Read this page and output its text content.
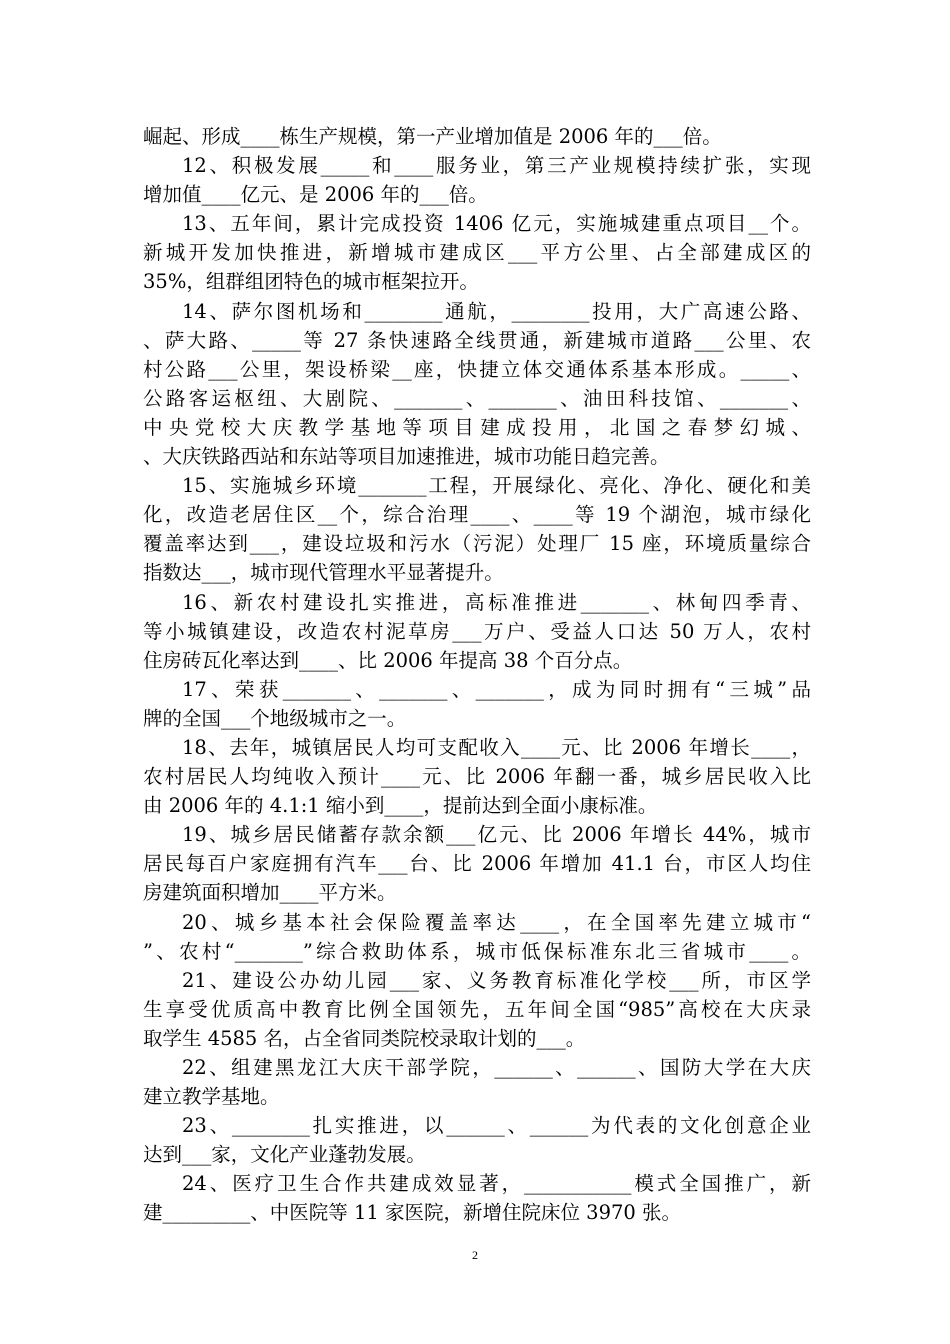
崛起、形成____栋生产规模，第一产业增加值是 2006 年的___倍。
12、积极发展_____和____服务业，第三产业规模持续扩张，实现
增加值____亿元、是 2006 年的___倍。
13、五年间，累计完成投资 1406 亿元，实施城建重点项目__个。
新城开发加快推进，新增城市建成区___平方公里、占全部建成区的
35%，组群组团特色的城市框架拉开。
14、萨尔图机场和________通航，________投用，大广高速公路、
、萨大路、_____等 27 条快速路全线贯通，新建城市道路___公里、农
村公路___公里，架设桥梁__座，快捷立体交通体系基本形成。_____、
公路客运枢纽、大剧院、_______、_______、油田科技馆、_______、
中 央 党 校 大 庆 教 学 基 地 等 项 目 建 成 投 用 ， 北 国 之 春 梦 幻 城 、
、大庆铁路西站和东站等项目加速推进，城市功能日趋完善。
15、实施城乡环境_______工程，开展绿化、亮化、净化、硬化和美
化，改造老居住区__个，综合治理____、____等 19 个湖泡，城市绿化
覆盖率达到___，建设垃圾和污水（污泥）处理厂 15 座，环境质量综合
指数达___，城市现代管理水平显著提升。
16、新农村建设扎实推进，高标准推进_______、林甸四季青、
等小城镇建设，改造农村泥草房___万户、受益人口达 50 万人，农村
住房砖瓦化率达到____、比 2006 年提高 38 个百分点。
17、荣获_______、_______、_______，成为同时拥有“三城”品
牌的全国___个地级城市之一。
18、去年，城镇居民人均可支配收入____元、比 2006 年增长____，
农村居民人均纯收入预计____元、比 2006 年翻一番，城乡居民收入比
由 2006 年的 4.1:1 缩小到____，提前达到全面小康标准。
19、城乡居民储蓄存款余额___亿元、比 2006 年增长 44%，城市
居民每百户家庭拥有汽车___台、比 2006 年增加 41.1 台，市区人均住
房建筑面积增加____平方米。
20、城乡基本社会保险覆盖率达____，在全国率先建立城市“
”、农村“_______”综合救助体系，城市低保标准东北三省城市____。
21、建设公办幼儿园___家、义务教育标准化学校___所，市区学
生享受优质高中教育比例全国领先，五年间全国“985”高校在大庆录
取学生 4585 名，占全省同类院校录取计划的___。
22、组建黑龙江大庆干部学院，______、______、国防大学在大庆
建立教学基地。
23、________扎实推进，以______、______为代表的文化创意企业
达到___家，文化产业蓬勃发展。
24、医疗卫生合作共建成效显著，___________模式全国推广，新
建_________、中医院等 11 家医院，新增住院床位 3970 张。
2
